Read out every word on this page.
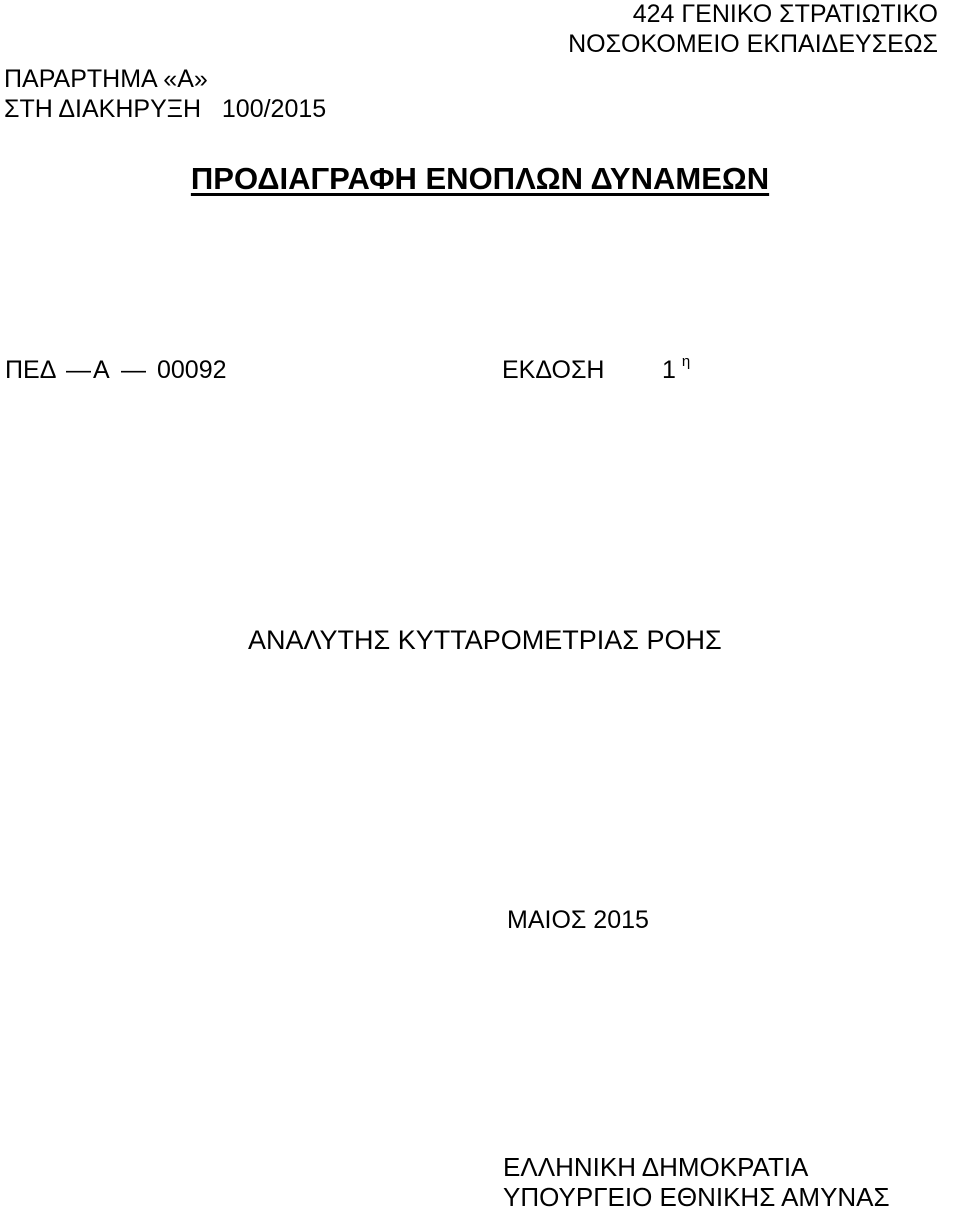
424 ΓΕΝΙΚΟ ΣΤΡΑΤΙΩΤΙΚΟ
ΝΟΣΟΚΟΜΕΙΟ ΕΚΠΑΙΔΕΥΣΕΩΣ
ΠΑΡΑΡΤΗΜΑ «Α»
ΣΤΗ ΔΙΑΚΗΡΥΞΗ   100/2015
ΠΡΟΔΙΑΓΡΑΦΗ ΕΝΟΠΛΩΝ ΔΥΝΑΜΕΩΝ
ΠΕΔ — Α — 00092	ΕΚΔΟΣΗ 1 $^\eta$
ΑΝΑΛΥΤΗΣ ΚΥΤΤΑΡΟΜΕΤΡΙΑΣ ΡΟΗΣ
ΜΑΙΟΣ 2015
ΕΛΛΗΝΙΚΗ ΔΗΜΟΚΡΑΤΙΑ
ΥΠΟΥΡΓΕΙΟ ΕΘΝΙΚΗΣ ΑΜΥΝΑΣ
